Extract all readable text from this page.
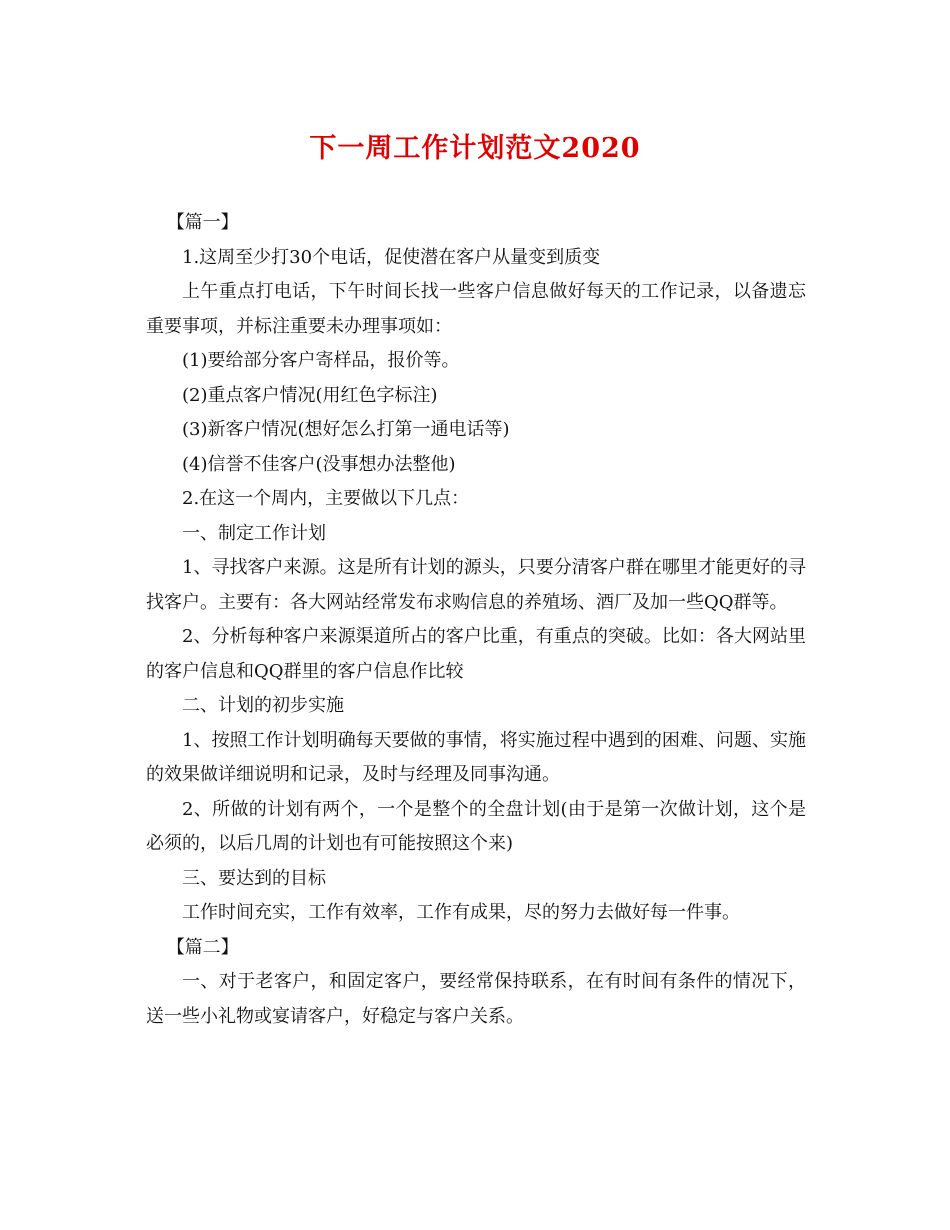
下一周工作计划范文2020

【篇一】

1.这周至少打30个电话，促使潜在客户从量变到质变

上午重点打电话，下午时间长找一些客户信息做好每天的工作记录，以备遗忘重要事项，并标注重要未办理事项如：

(1)要给部分客户寄样品，报价等。

(2)重点客户情况(用红色字标注)

(3)新客户情况(想好怎么打第一通电话等)

(4)信誉不佳客户(没事想办法整他)

2.在这一个周内，主要做以下几点：

一、制定工作计划

1、寻找客户来源。这是所有计划的源头，只要分清客户群在哪里才能更好的寻找客户。主要有：各大网站经常发布求购信息的养殖场、酒厂及加一些QQ群等。

2、分析每种客户来源渠道所占的客户比重，有重点的突破。比如：各大网站里的客户信息和QQ群里的客户信息作比较

二、计划的初步实施

1、按照工作计划明确每天要做的事情，将实施过程中遇到的困难、问题、实施的效果做详细说明和记录，及时与经理及同事沟通。

2、所做的计划有两个，一个是整个的全盘计划(由于是第一次做计划，这个是必须的，以后几周的计划也有可能按照这个来)

三、要达到的目标

工作时间充实，工作有效率，工作有成果，尽的努力去做好每一件事。

【篇二】

一、对于老客户，和固定客户，要经常保持联系，在有时间有条件的情况下，送一些小礼物或宴请客户，好稳定与客户关系。
